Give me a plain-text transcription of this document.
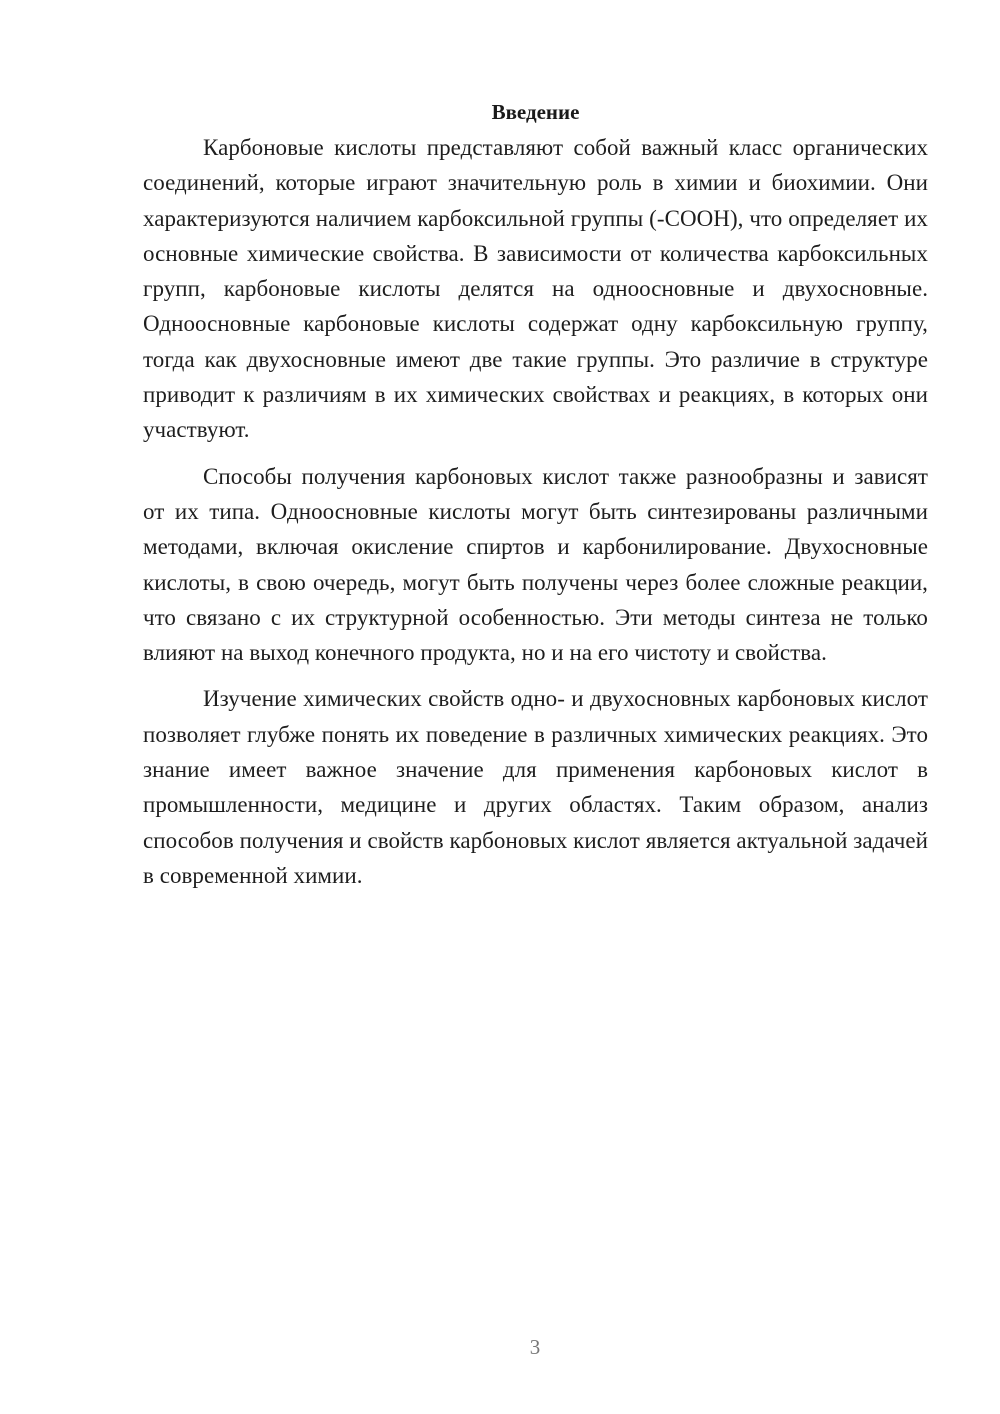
Введение

Карбоновые кислоты представляют собой важный класс органических соединений, которые играют значительную роль в химии и биохимии. Они характеризуются наличием карбоксильной группы (-COOH), что определяет их основные химические свойства. В зависимости от количества карбоксильных групп, карбоновые кислоты делятся на одноосновные и двухосновные. Одноосновные карбоновые кислоты содержат одну карбоксильную группу, тогда как двухосновные имеют две такие группы. Это различие в структуре приводит к различиям в их химических свойствах и реакциях, в которых они участвуют.

Способы получения карбоновых кислот также разнообразны и зависят от их типа. Одноосновные кислоты могут быть синтезированы различными методами, включая окисление спиртов и карбонилирование. Двухосновные кислоты, в свою очередь, могут быть получены через более сложные реакции, что связано с их структурной особенностью. Эти методы синтеза не только влияют на выход конечного продукта, но и на его чистоту и свойства.

Изучение химических свойств одно- и двухосновных карбоновых кислот позволяет глубже понять их поведение в различных химических реакциях. Это знание имеет важное значение для применения карбоновых кислот в промышленности, медицине и других областях. Таким образом, анализ способов получения и свойств карбоновых кислот является актуальной задачей в современной химии.

3
